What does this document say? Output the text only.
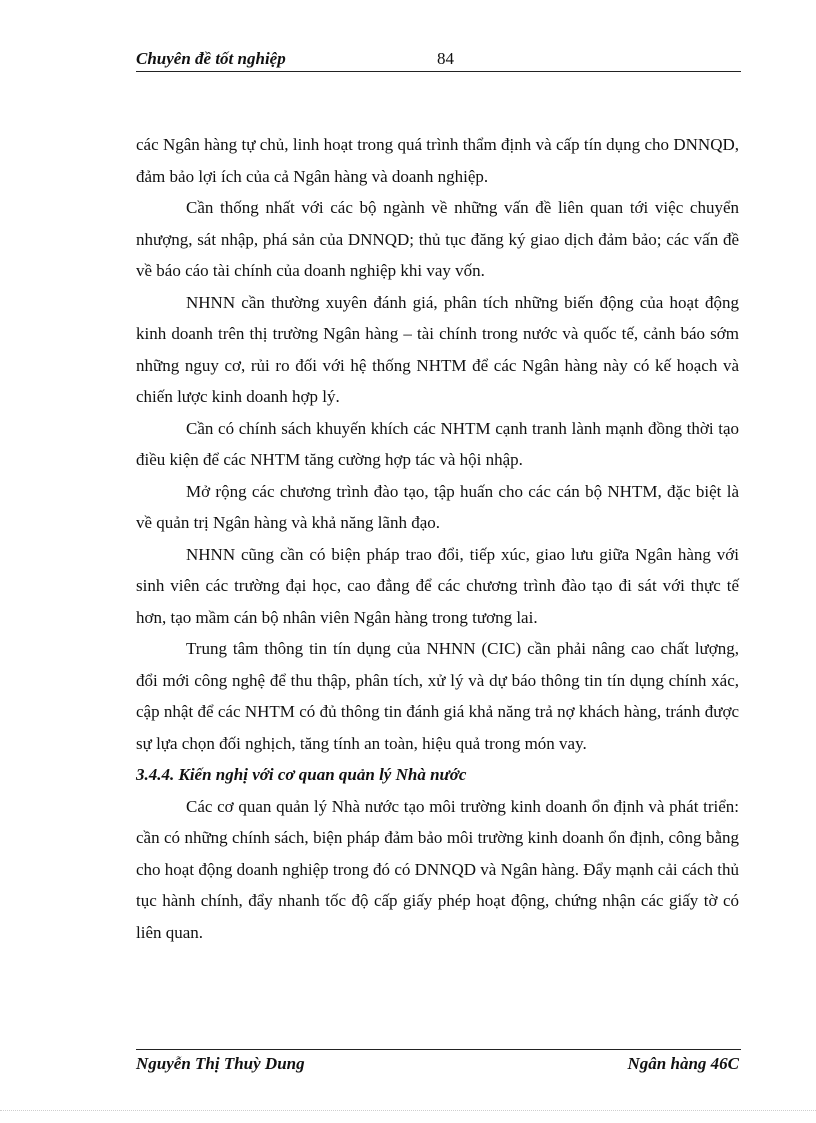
Chuyên đề tốt nghiệp	84

các Ngân hàng tự chủ, linh hoạt trong quá trình thẩm định và cấp tín dụng cho DNNQD, đảm bảo lợi ích của cả Ngân hàng và doanh nghiệp.

Cần thống nhất với các bộ ngành về những vấn đề liên quan tới việc chuyển nhượng, sát nhập, phá sản của DNNQD; thủ tục đăng ký giao dịch đảm bảo; các vấn đề về báo cáo tài chính của doanh nghiệp khi vay vốn.

NHNN cần thường xuyên đánh giá, phân tích những biến động của hoạt động kinh doanh trên thị trường Ngân hàng – tài chính trong nước và quốc tế, cảnh báo sớm những nguy cơ, rủi ro đối với hệ thống NHTM để các Ngân hàng này có kế hoạch và chiến lược kinh doanh hợp lý.

Cần có chính sách khuyến khích các NHTM cạnh tranh lành mạnh đồng thời tạo điều kiện để các NHTM tăng cường hợp tác và hội nhập.

Mở rộng các chương trình đào tạo, tập huấn cho các cán bộ NHTM, đặc biệt là về quản trị Ngân hàng và khả năng lãnh đạo.

NHNN cũng cần có biện pháp trao đổi, tiếp xúc, giao lưu giữa Ngân hàng với sinh viên các trường đại học, cao đẳng để các chương trình đào tạo đi sát với thực tế hơn, tạo mầm cán bộ nhân viên Ngân hàng trong tương lai.

Trung tâm thông tin tín dụng của NHNN (CIC) cần phải nâng cao chất lượng, đổi mới công nghệ để thu thập, phân tích, xử lý và dự báo thông tin tín dụng chính xác, cập nhật để các NHTM có đủ thông tin đánh giá khả năng trả nợ khách hàng, tránh được sự lựa chọn đối nghịch, tăng tính an toàn, hiệu quả trong món vay.

3.4.4. Kiến nghị với cơ quan quản lý Nhà nước

Các cơ quan quản lý Nhà nước tạo môi trường kinh doanh ổn định và phát triển: cần có những chính sách, biện pháp đảm bảo môi trường kinh doanh ổn định, công bằng cho hoạt động doanh nghiệp trong đó có DNNQD và Ngân hàng. Đẩy mạnh cải cách thủ tục hành chính, đẩy nhanh tốc độ cấp giấy phép hoạt động, chứng nhận các giấy tờ có liên quan.

Nguyễn Thị Thuỳ Dung	Ngân hàng 46C
